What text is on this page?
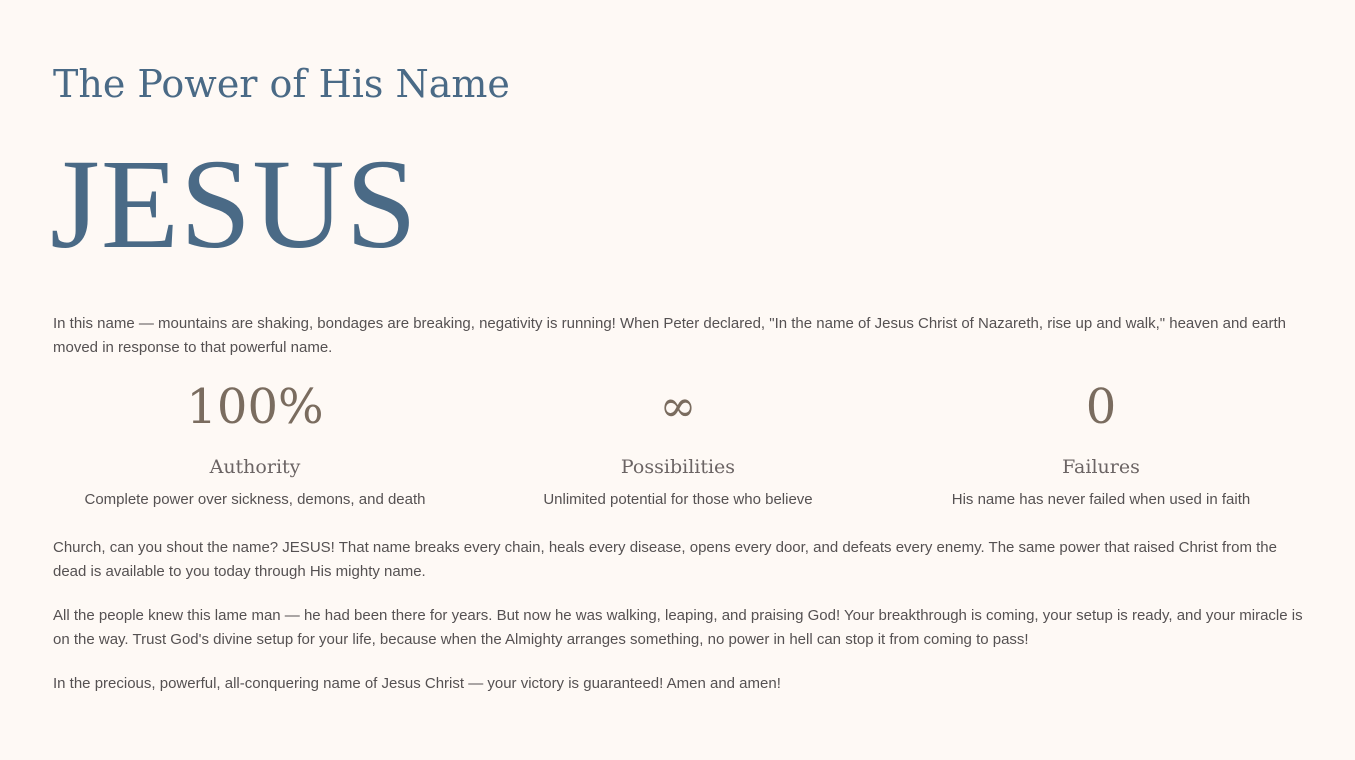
The Power of His Name
JESUS

In this name — mountains are shaking, bondages are breaking, negativity is running! When Peter declared, "In the name of Jesus Christ of Nazareth, rise up and walk," heaven and earth moved in response to that powerful name.

100%
Authority
Complete power over sickness, demons, and death
∞
Possibilities
Unlimited potential for those who believe
0
Failures
His name has never failed when used in faith

Church, can you shout the name? JESUS! That name breaks every chain, heals every disease, opens every door, and defeats every enemy. The same power that raised Christ from the dead is available to you today through His mighty name.

All the people knew this lame man — he had been there for years. But now he was walking, leaping, and praising God! Your breakthrough is coming, your setup is ready, and your miracle is on the way. Trust God's divine setup for your life, because when the Almighty arranges something, no power in hell can stop it from coming to pass!

In the precious, powerful, all-conquering name of Jesus Christ — your victory is guaranteed! Amen and amen!
